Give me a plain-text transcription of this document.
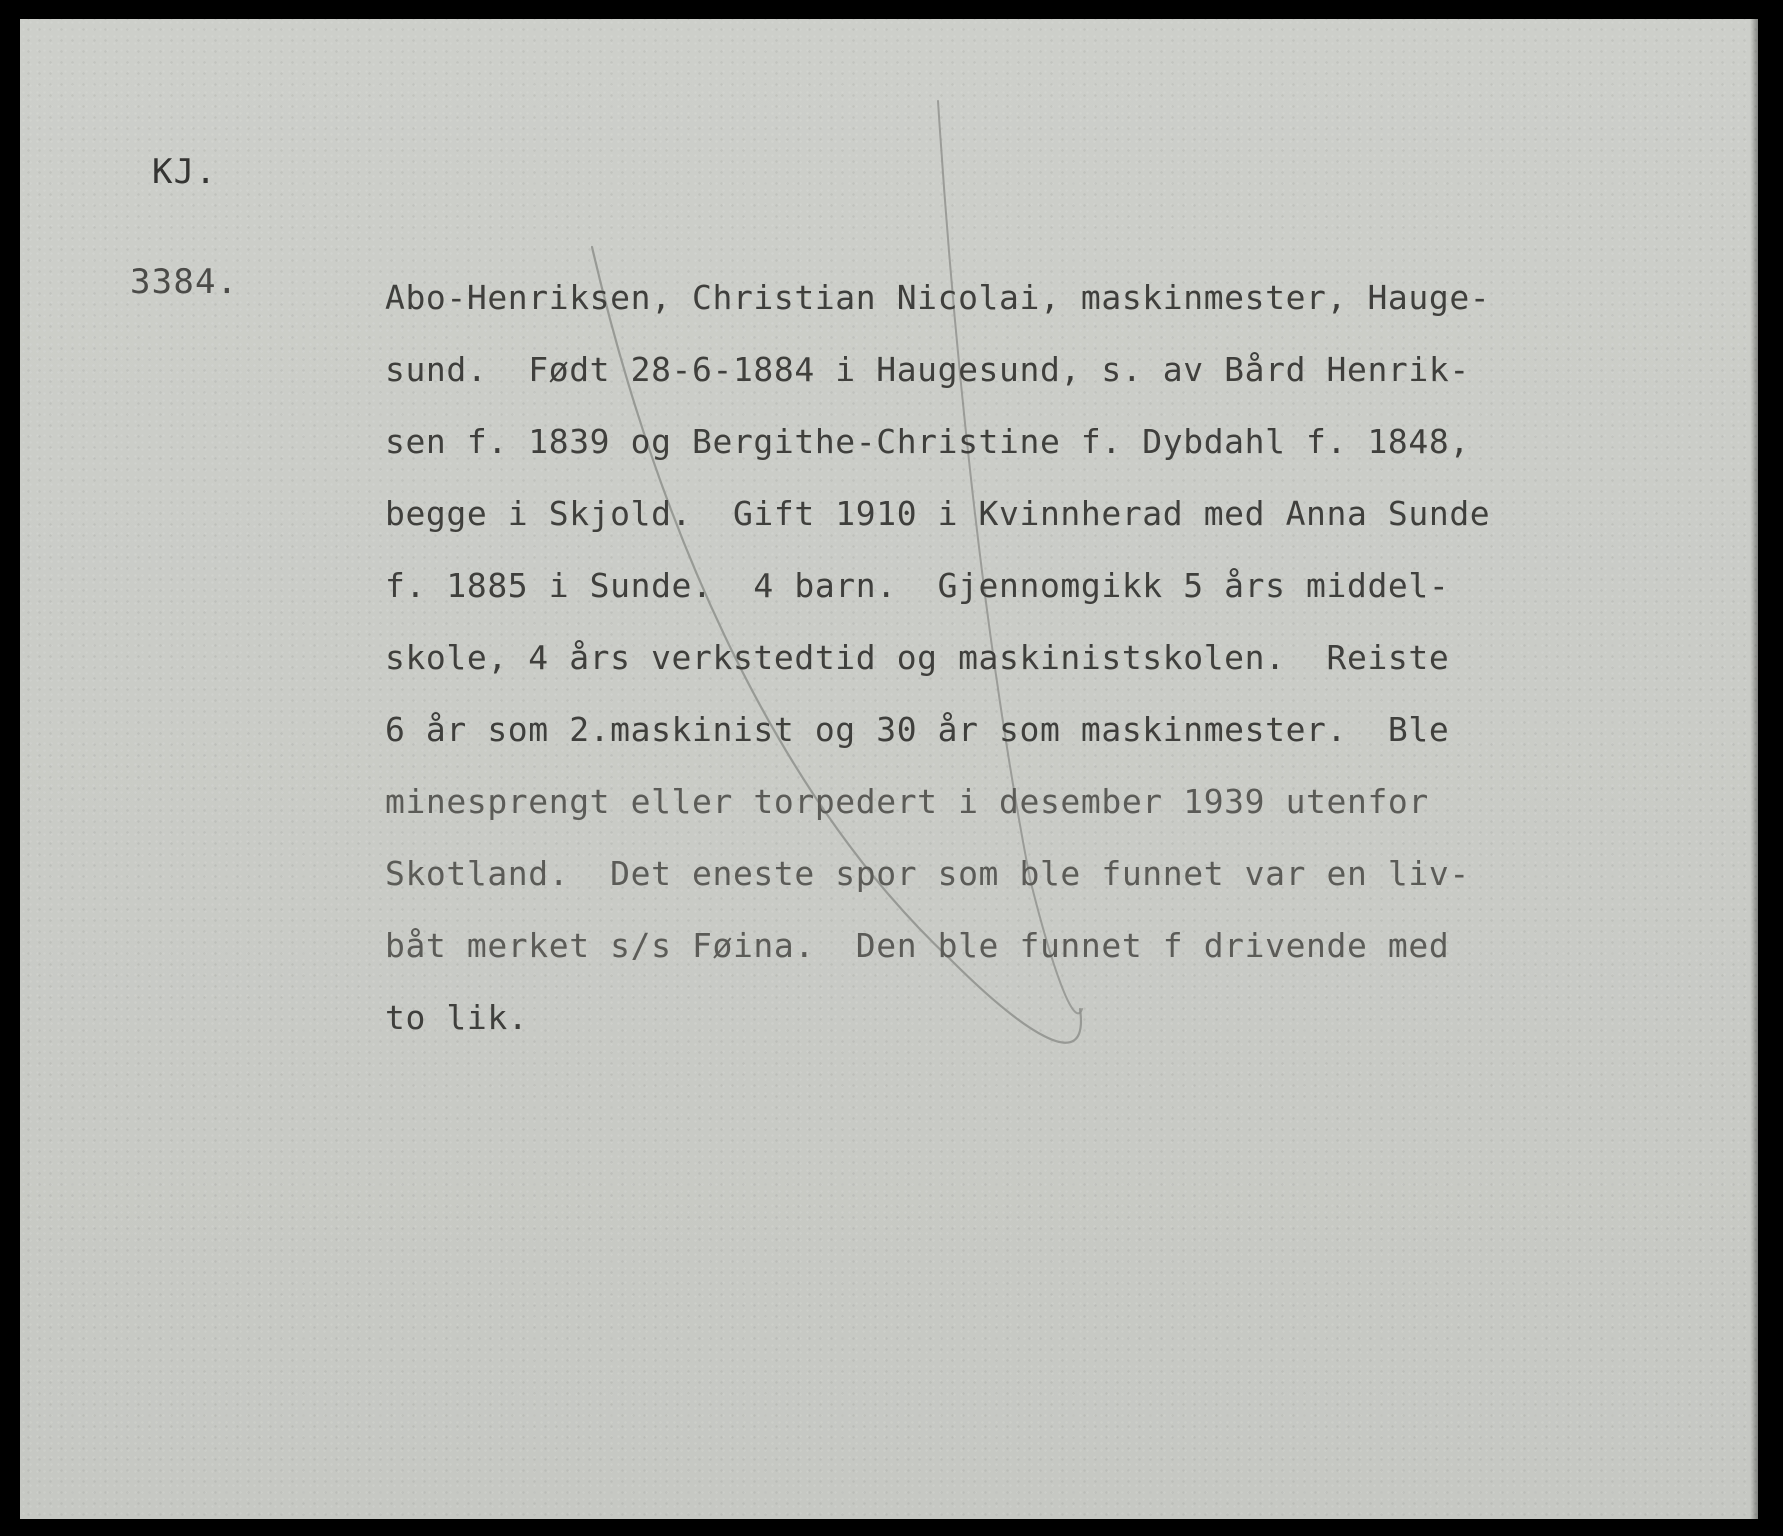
KJ.
3384.	Abo-Henriksen, Christian Nicolai, maskinmester, Hauge-
sund.  Født 28-6-1884 i Haugesund, s. av Bård Henrik-
sen f. 1839 og Bergithe-Christine f. Dybdahl f. 1848,
begge i Skjold.  Gift 1910 i Kvinnherad med Anna Sunde
f. 1885 i Sunde.  4 barn.  Gjennomgikk 5 års middel-
skole, 4 års verkstedtid og maskinistskolen.  Reiste
6 år som 2.maskinist og 30 år som maskinmester.  Ble
minesprengt eller torpedert i desember 1939 utenfor
Skotland.  Det eneste spor som ble funnet var en liv-
båt merket s/s Føina.  Den ble funnet f drivende med
to lik.
